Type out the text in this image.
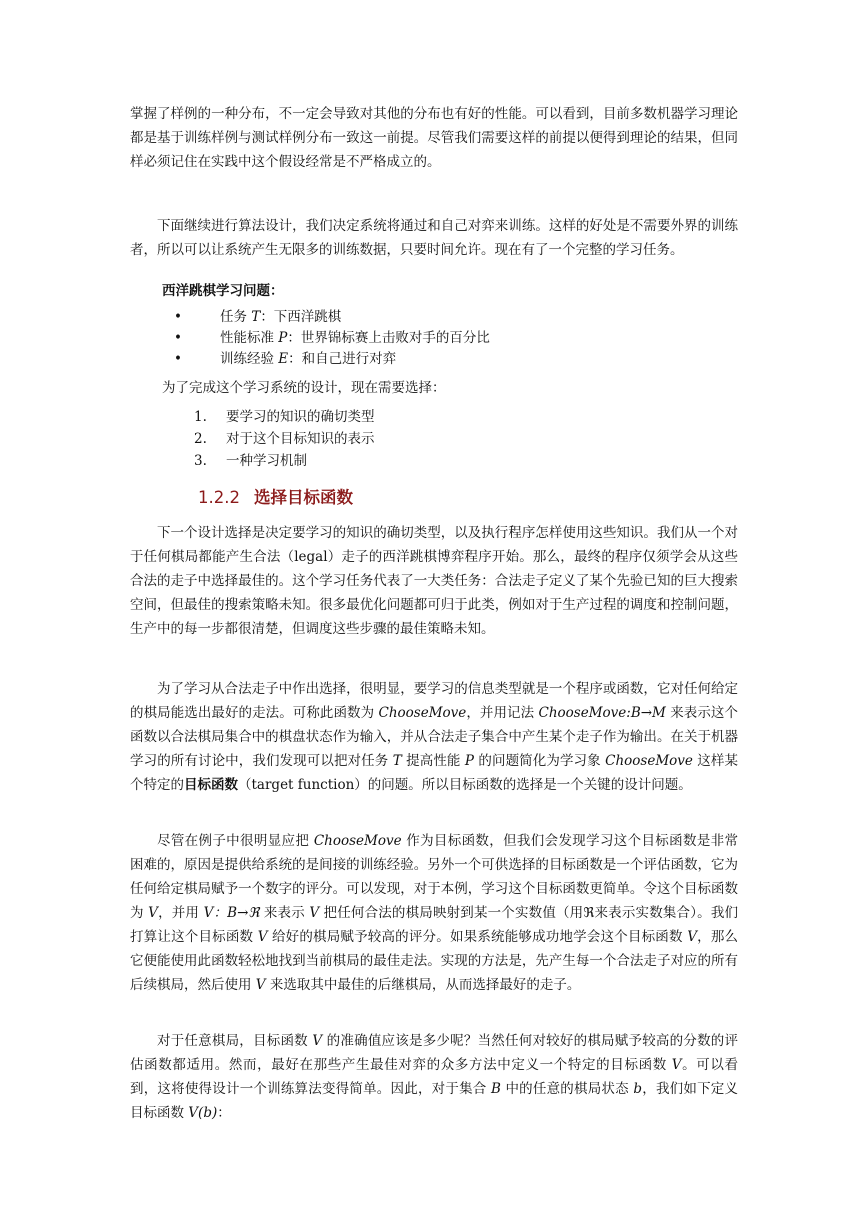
掌握了样例的一种分布，不一定会导致对其他的分布也有好的性能。可以看到，目前多数机器学习理论都是基于训练样例与测试样例分布一致这一前提。尽管我们需要这样的前提以便得到理论的结果，但同样必须记住在实践中这个假设经常是不严格成立的。

下面继续进行算法设计，我们决定系统将通过和自己对弈来训练。这样的好处是不需要外界的训练者，所以可以让系统产生无限多的训练数据，只要时间允许。现在有了一个完整的学习任务。

西洋跳棋学习问题：

•	任务 T：下西洋跳棋
•	性能标准 P：世界锦标赛上击败对手的百分比
•	训练经验 E：和自己进行对弈

为了完成这个学习系统的设计，现在需要选择：

1. 要学习的知识的确切类型
2. 对于这个目标知识的表示
3. 一种学习机制
1.2.2 选择目标函数

下一个设计选择是决定要学习的知识的确切类型，以及执行程序怎样使用这些知识。我们从一个对于任何棋局都能产生合法（legal）走子的西洋跳棋博弈程序开始。那么，最终的程序仅须学会从这些合法的走子中选择最佳的。这个学习任务代表了一大类任务：合法走子定义了某个先验已知的巨大搜索空间，但最佳的搜索策略未知。很多最优化问题都可归于此类，例如对于生产过程的调度和控制问题，生产中的每一步都很清楚，但调度这些步骤的最佳策略未知。

为了学习从合法走子中作出选择，很明显，要学习的信息类型就是一个程序或函数，它对任何给定的棋局能选出最好的走法。可称此函数为 ChooseMove，并用记法 ChooseMove:B→M 来表示这个函数以合法棋局集合中的棋盘状态作为输入，并从合法走子集合中产生某个走子作为输出。在关于机器学习的所有讨论中，我们发现可以把对任务 T 提高性能 P 的问题简化为学习象 ChooseMove 这样某个特定的目标函数（target function）的问题。所以目标函数的选择是一个关键的设计问题。

尽管在例子中很明显应把 ChooseMove 作为目标函数，但我们会发现学习这个目标函数是非常困难的，原因是提供给系统的是间接的训练经验。另外一个可供选择的目标函数是一个评估函数，它为任何给定棋局赋予一个数字的评分。可以发现，对于本例，学习这个目标函数更简单。令这个目标函数为 V，并用 V：B→ℜ 来表示 V 把任何合法的棋局映射到某一个实数值（用ℜ来表示实数集合）。我们打算让这个目标函数 V 给好的棋局赋予较高的评分。如果系统能够成功地学会这个目标函数 V，那么它便能使用此函数轻松地找到当前棋局的最佳走法。实现的方法是，先产生每一个合法走子对应的所有后续棋局，然后使用 V 来选取其中最佳的后继棋局，从而选择最好的走子。

对于任意棋局，目标函数 V 的准确值应该是多少呢？当然任何对较好的棋局赋予较高的分数的评估函数都适用。然而，最好在那些产生最佳对弈的众多方法中定义一个特定的目标函数 V。可以看到，这将使得设计一个训练算法变得简单。因此，对于集合 B 中的任意的棋局状态 b，我们如下定义目标函数 V(b)：
